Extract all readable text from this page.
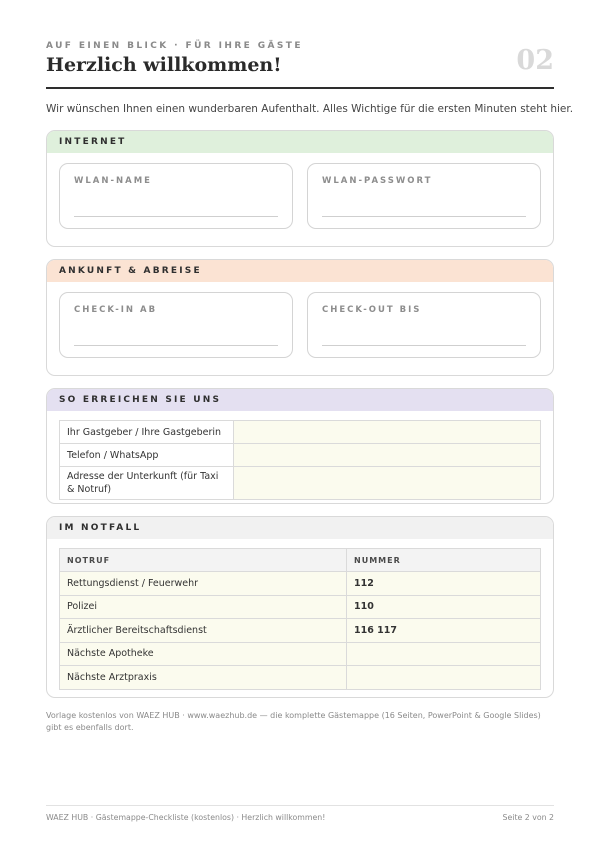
AUF EINEN BLICK · FÜR IHRE GÄSTE
Herzlich willkommen!	02

Wir wünschen Ihnen einen wunderbaren Aufenthalt. Alles Wichtige für die ersten Minuten steht hier.

INTERNET
WLAN-NAME	WLAN-PASSWORT
ANKUNFT & ABREISE
CHECK-IN AB	CHECK-OUT BIS
SO ERREICHEN SIE UNS
Ihr Gastgeber / Ihre Gastgeberin	
Telefon / WhatsApp	
Adresse der Unterkunft (für Taxi & Notruf)	
IM NOTFALL
NOTRUF	NUMMER
Rettungsdienst / Feuerwehr	112
Polizei	110
Ärztlicher Bereitschaftsdienst	116 117
Nächste Apotheke	
Nächste Arztpraxis	

Vorlage kostenlos von WAEZ HUB · www.waezhub.de — die komplette Gästemappe (16 Seiten, PowerPoint & Google Slides) gibt es ebenfalls dort.

WAEZ HUB · Gästemappe-Checkliste (kostenlos) · Herzlich willkommen!	Seite 2 von 2
